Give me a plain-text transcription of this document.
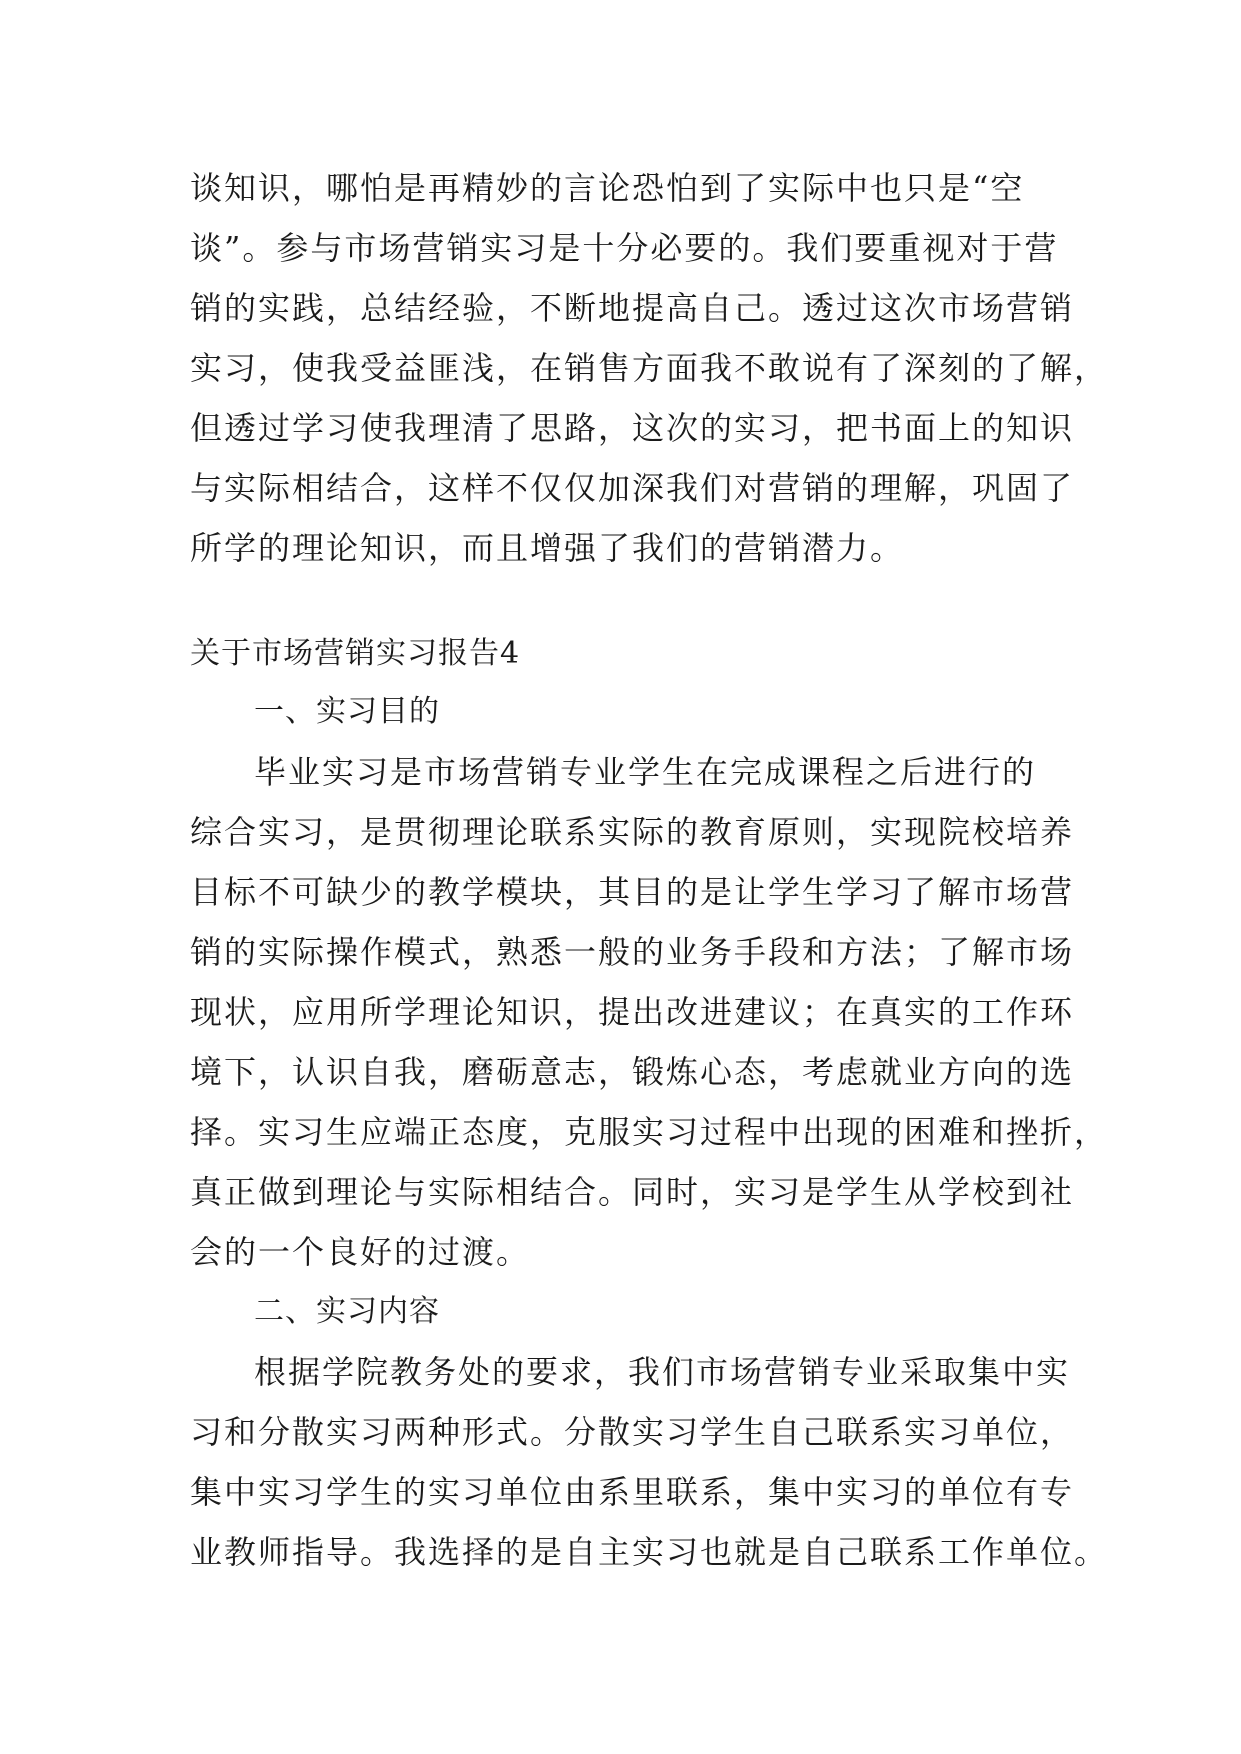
谈知识，哪怕是再精妙的言论恐怕到了实际中也只是“空
谈”。参与市场营销实习是十分必要的。我们要重视对于营
销的实践，总结经验，不断地提高自己。透过这次市场营销
实习，使我受益匪浅，在销售方面我不敢说有了深刻的了解，
但透过学习使我理清了思路，这次的实习，把书面上的知识
与实际相结合，这样不仅仅加深我们对营销的理解，巩固了
所学的理论知识，而且增强了我们的营销潜力。
关于市场营销实习报告4
一、实习目的
毕业实习是市场营销专业学生在完成课程之后进行的
综合实习，是贯彻理论联系实际的教育原则，实现院校培养
目标不可缺少的教学模块，其目的是让学生学习了解市场营
销的实际操作模式，熟悉一般的业务手段和方法；了解市场
现状，应用所学理论知识，提出改进建议；在真实的工作环
境下，认识自我，磨砺意志，锻炼心态，考虑就业方向的选
择。实习生应端正态度，克服实习过程中出现的困难和挫折，
真正做到理论与实际相结合。同时，实习是学生从学校到社
会的一个良好的过渡。
二、实习内容
根据学院教务处的要求，我们市场营销专业采取集中实
习和分散实习两种形式。分散实习学生自己联系实习单位，
集中实习学生的实习单位由系里联系，集中实习的单位有专
业教师指导。我选择的是自主实习也就是自己联系工作单位。
